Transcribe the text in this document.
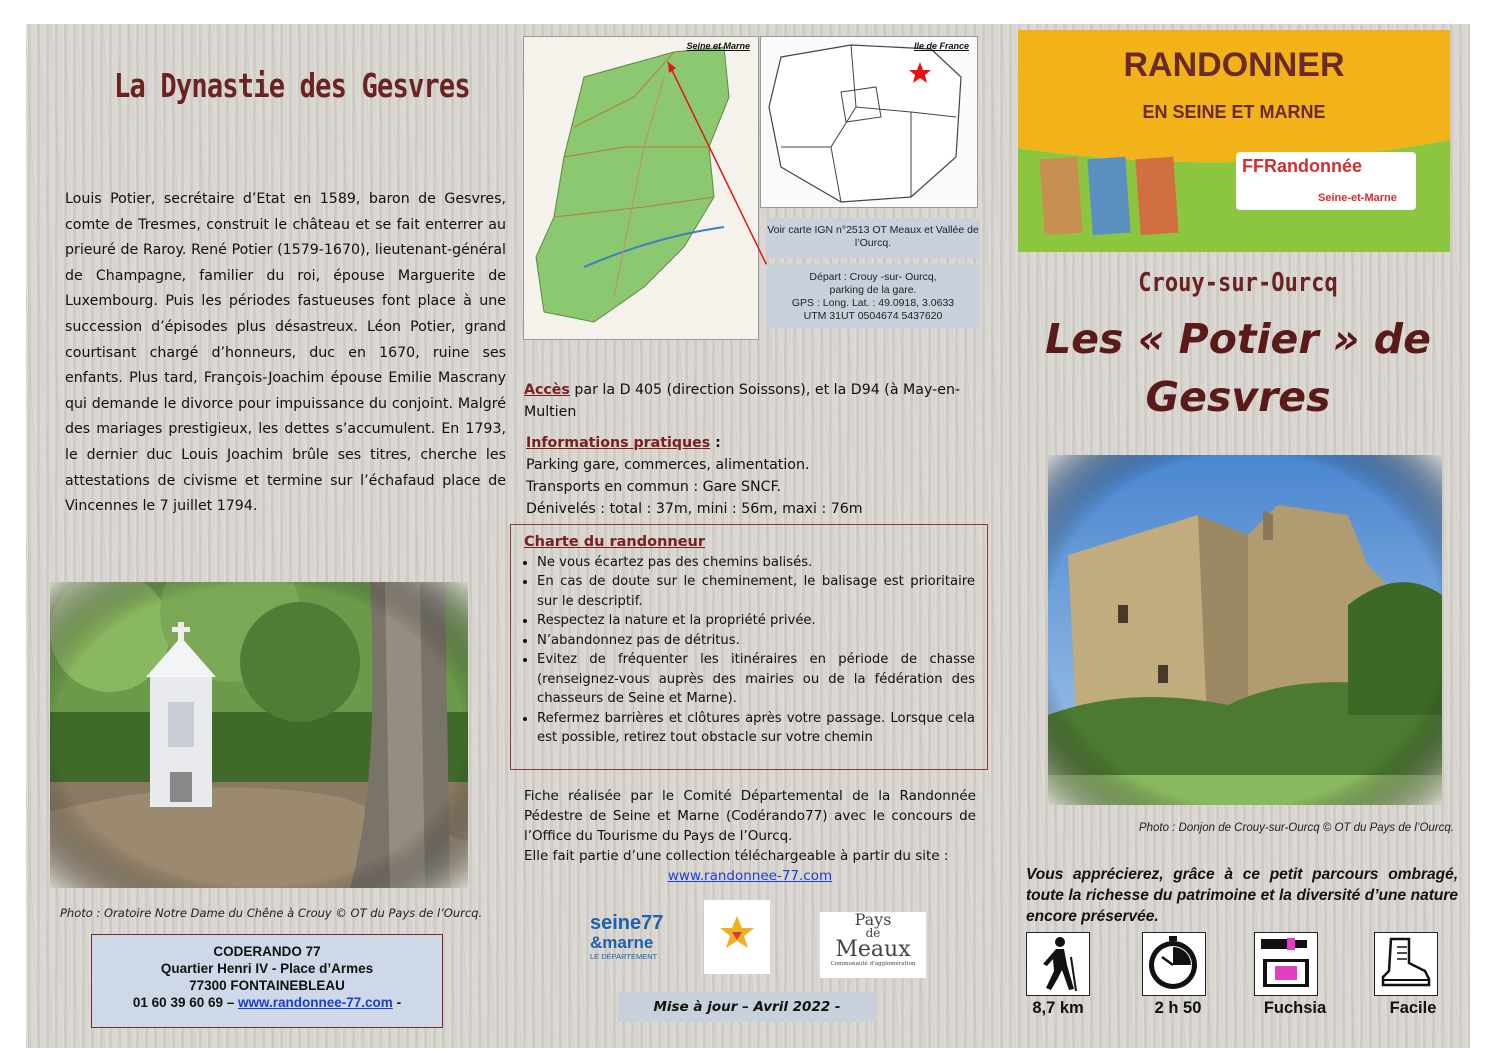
La Dynastie des Gesvres
Louis Potier, secrétaire d’Etat en 1589, baron de Gesvres, comte de Tresmes, construit le château et se fait enterrer au prieuré de Raroy. René Potier (1579-1670), lieutenant-général de Champagne, familier du roi, épouse Marguerite de Luxembourg. Puis les périodes fastueuses font place à une succession d’épisodes plus désastreux. Léon Potier, grand courtisant chargé d’honneurs, duc en 1670, ruine ses enfants. Plus tard, François-Joachim épouse Emilie Mascrany qui demande le divorce pour impuissance du conjoint. Malgré des mariages prestigieux, les dettes s’accumulent. En 1793, le dernier duc Louis Joachim brûle ses titres, cherche les attestations de civisme et termine sur l’échafaud place de Vincennes le 7 juillet 1794.
Photo : Oratoire Notre Dame du Chêne à Crouy © OT du Pays de l’Ourcq.
CODERANDO 77
Quartier Henri IV - Place d’Armes
77300 FONTAINEBLEAU
01 60 39 60 69 – www.randonnee-77.com -
Seine et Marne	Ile de France
Voir carte IGN n°2513 OT Meaux et Vallée de l’Ourcq.
Départ : Crouy -sur- Ourcq,
parking de la gare.
GPS : Long. Lat. : 49.0918, 3.0633
UTM 31UT 0504674 5437620
Accès par la D 405 (direction Soissons), et la D94 (à May-en-Multien
Informations pratiques :
Parking gare, commerces, alimentation.
Transports en commun : Gare SNCF.
Dénivelés : total : 37m, mini : 56m, maxi : 76m
Charte du randonneur
• Ne vous écartez pas des chemins balisés.
• En cas de doute sur le cheminement, le balisage est prioritaire sur le descriptif.
• Respectez la nature et la propriété privée.
• N’abandonnez pas de détritus.
• Evitez de fréquenter les itinéraires en période de chasse (renseignez-vous auprès des mairies ou de la fédération des chasseurs de Seine et Marne).
• Refermez barrières et clôtures après votre passage. Lorsque cela est possible, retirez tout obstacle sur votre chemin
Fiche réalisée par le Comité Départemental de la Randonnée Pédestre de Seine et Marne (Codérando77) avec le concours de l’Office du Tourisme du Pays de l’Ourcq.
Elle fait partie d’une collection téléchargeable à partir du site :
www.randonnee-77.com
seine77
&marne
LE DÉPARTEMENT
Pays
de
Meaux
Communauté d’agglomération
Mise à jour – Avril 2022 -
RANDONNER
EN SEINE ET MARNE
FFRandonnée
Seine-et-Marne
Crouy-sur-Ourcq
Les « Potier » de
Gesvres
Photo : Donjon de Crouy-sur-Ourcq © OT du Pays de l’Ourcq.
Vous apprécierez, grâce à ce petit parcours ombragé, toute la richesse du patrimoine et la diversité d’une nature encore préservée.
8,7 km	2 h 50	Fuchsia	Facile
